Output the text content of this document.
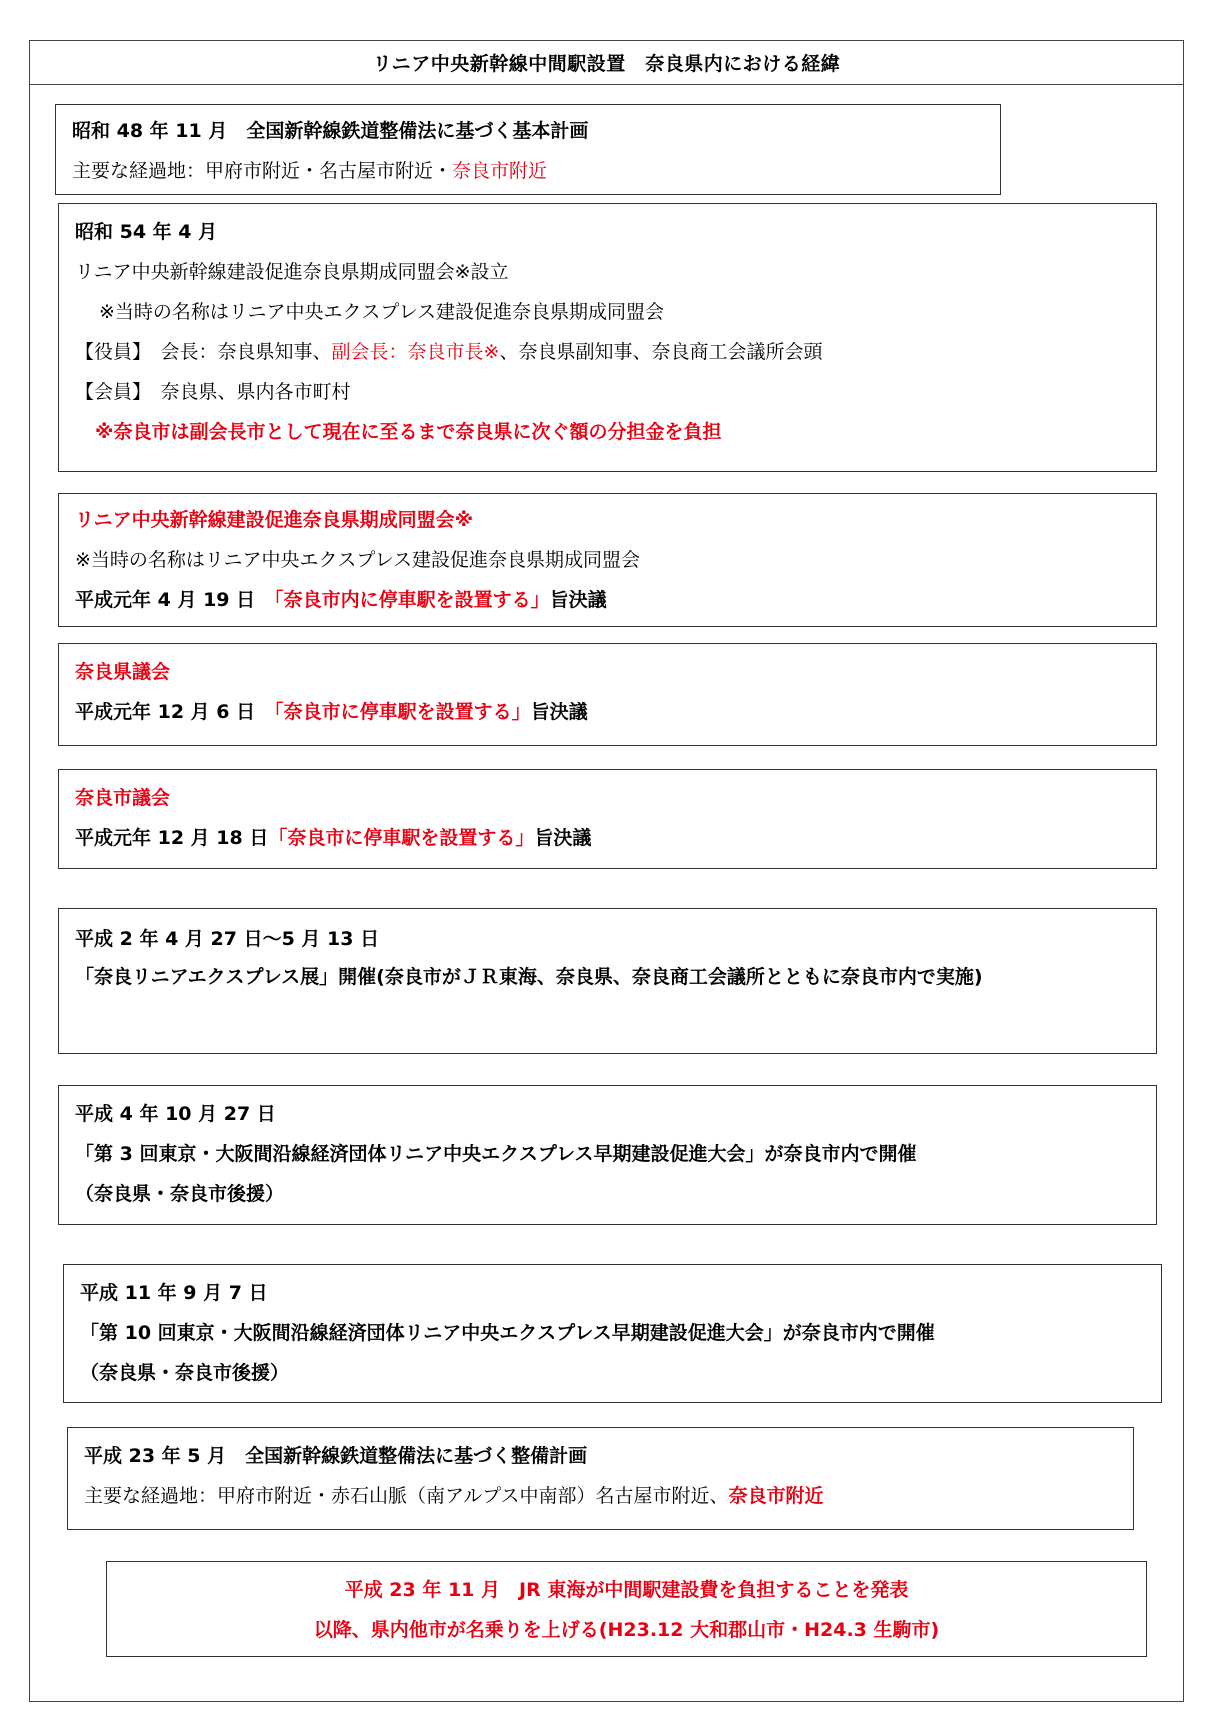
リニア中央新幹線中間駅設置　奈良県内における経緯
昭和 48 年 11 月　全国新幹線鉄道整備法に基づく基本計画
主要な経過地：甲府市附近・名古屋市附近・奈良市附近
昭和 54 年 4 月
リニア中央新幹線建設促進奈良県期成同盟会※設立
※当時の名称はリニア中央エクスプレス建設促進奈良県期成同盟会
【役員】　会長：奈良県知事、副会長：奈良市長※、奈良県副知事、奈良商工会議所会頭
【会員】　奈良県、県内各市町村
※奈良市は副会長市として現在に至るまで奈良県に次ぐ額の分担金を負担
リニア中央新幹線建設促進奈良県期成同盟会※
※当時の名称はリニア中央エクスプレス建設促進奈良県期成同盟会
平成元年 4 月 19 日　「奈良市内に停車駅を設置する」旨決議
奈良県議会
平成元年 12 月 6 日　「奈良市に停車駅を設置する」旨決議
奈良市議会
平成元年 12 月 18 日「奈良市に停車駅を設置する」旨決議
平成 2 年 4 月 27 日～5 月 13 日
「奈良リニアエクスプレス展」開催(奈良市がＪＲ東海、奈良県、奈良商工会議所とともに奈良市内で実施)
平成 4 年 10 月 27 日
「第 3 回東京・大阪間沿線経済団体リニア中央エクスプレス早期建設促進大会」が奈良市内で開催
（奈良県・奈良市後援）
平成 11 年 9 月 7 日
「第 10 回東京・大阪間沿線経済団体リニア中央エクスプレス早期建設促進大会」が奈良市内で開催
（奈良県・奈良市後援）
平成 23 年 5 月　全国新幹線鉄道整備法に基づく整備計画
主要な経過地：甲府市附近・赤石山脈（南アルプス中南部）名古屋市附近、奈良市附近
平成 23 年 11 月　JR 東海が中間駅建設費を負担することを発表
以降、県内他市が名乗りを上げる(H23.12 大和郡山市・H24.3 生駒市)
